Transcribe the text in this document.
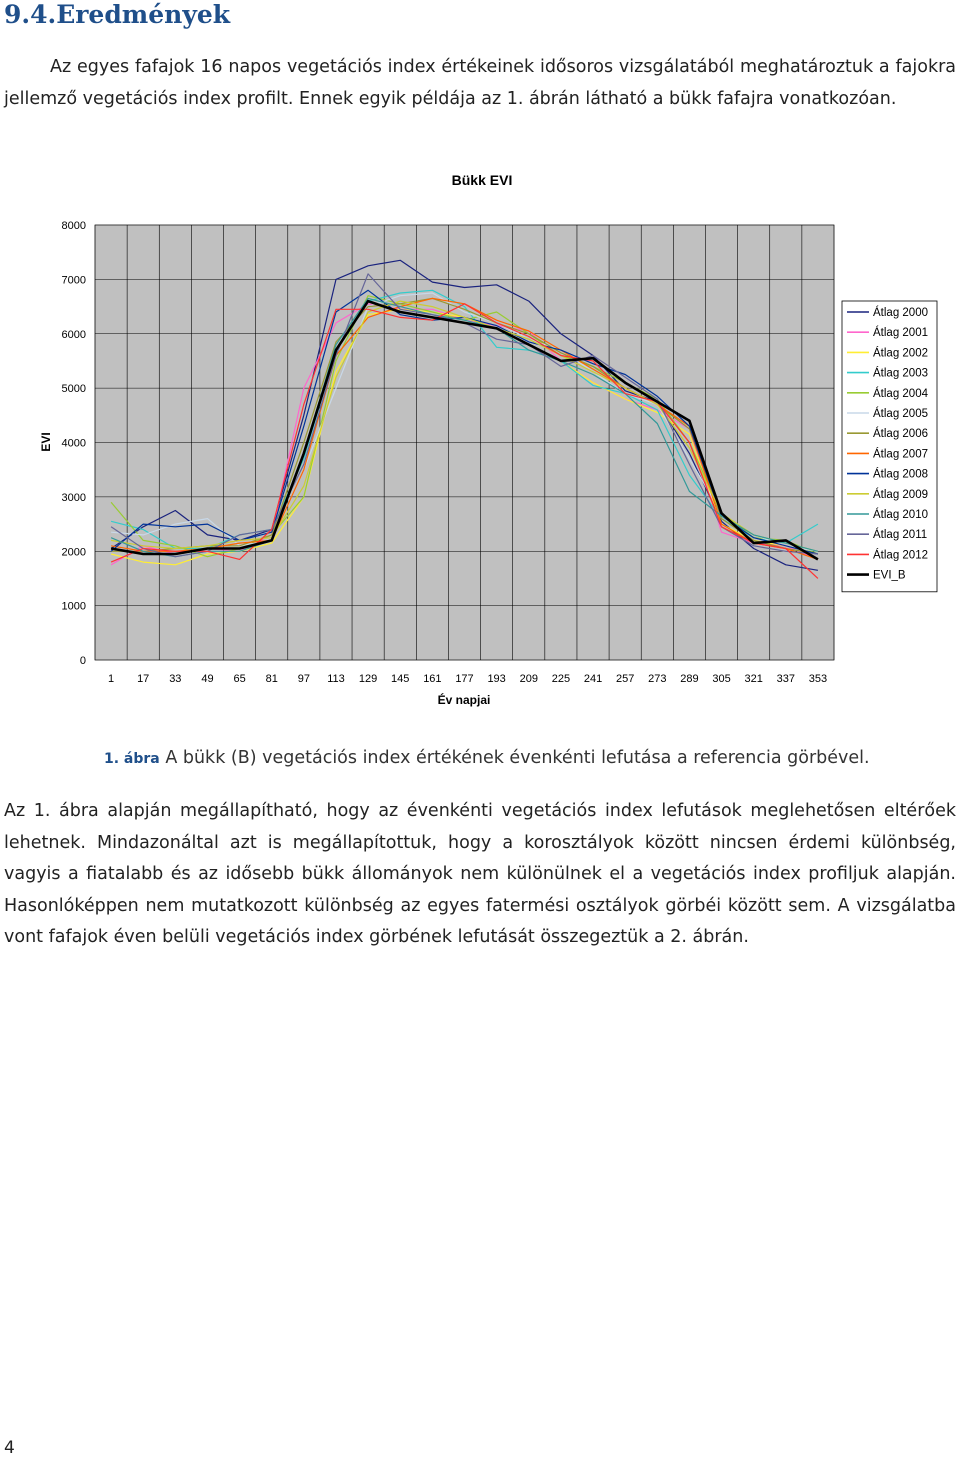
9.4.Eredmények

Az egyes fafajok 16 napos vegetációs index értékeinek idősoros vizsgálatából meghatároztuk a fajokra jellemző vegetációs index profilt. Ennek egyik példája az 1. ábrán látható a bükk fafajra vonatkozóan.

0
1000
2000
3000
4000
5000
6000
7000
8000
1 17 33 49 65 81 97 113 129 145 161 177 193 209 225 241 257 273 289 305 321 337 353
Bükk EVI
EVI
Év napjai
Átlag 2000
Átlag 2001
Átlag 2002
Átlag 2003
Átlag 2004
Átlag 2005
Átlag 2006
Átlag 2007
Átlag 2008
Átlag 2009
Átlag 2010
Átlag 2011
Átlag 2012
EVI_B

1. ábra A bükk (B) vegetációs index értékének évenkénti lefutása a referencia görbével.

Az 1. ábra alapján megállapítható, hogy az évenkénti vegetációs index lefutások meglehetősen eltérőek lehetnek. Mindazonáltal azt is megállapítottuk, hogy a korosztályok között nincsen érdemi különbség, vagyis a fiatalabb és az idősebb bükk állományok nem különülnek el a vegetációs index profiljuk alapján. Hasonlóképpen nem mutatkozott különbség az egyes fatermési osztályok görbéi között sem. A vizsgálatba vont fafajok éven belüli vegetációs index görbének lefutását összegeztük a 2. ábrán.

4
